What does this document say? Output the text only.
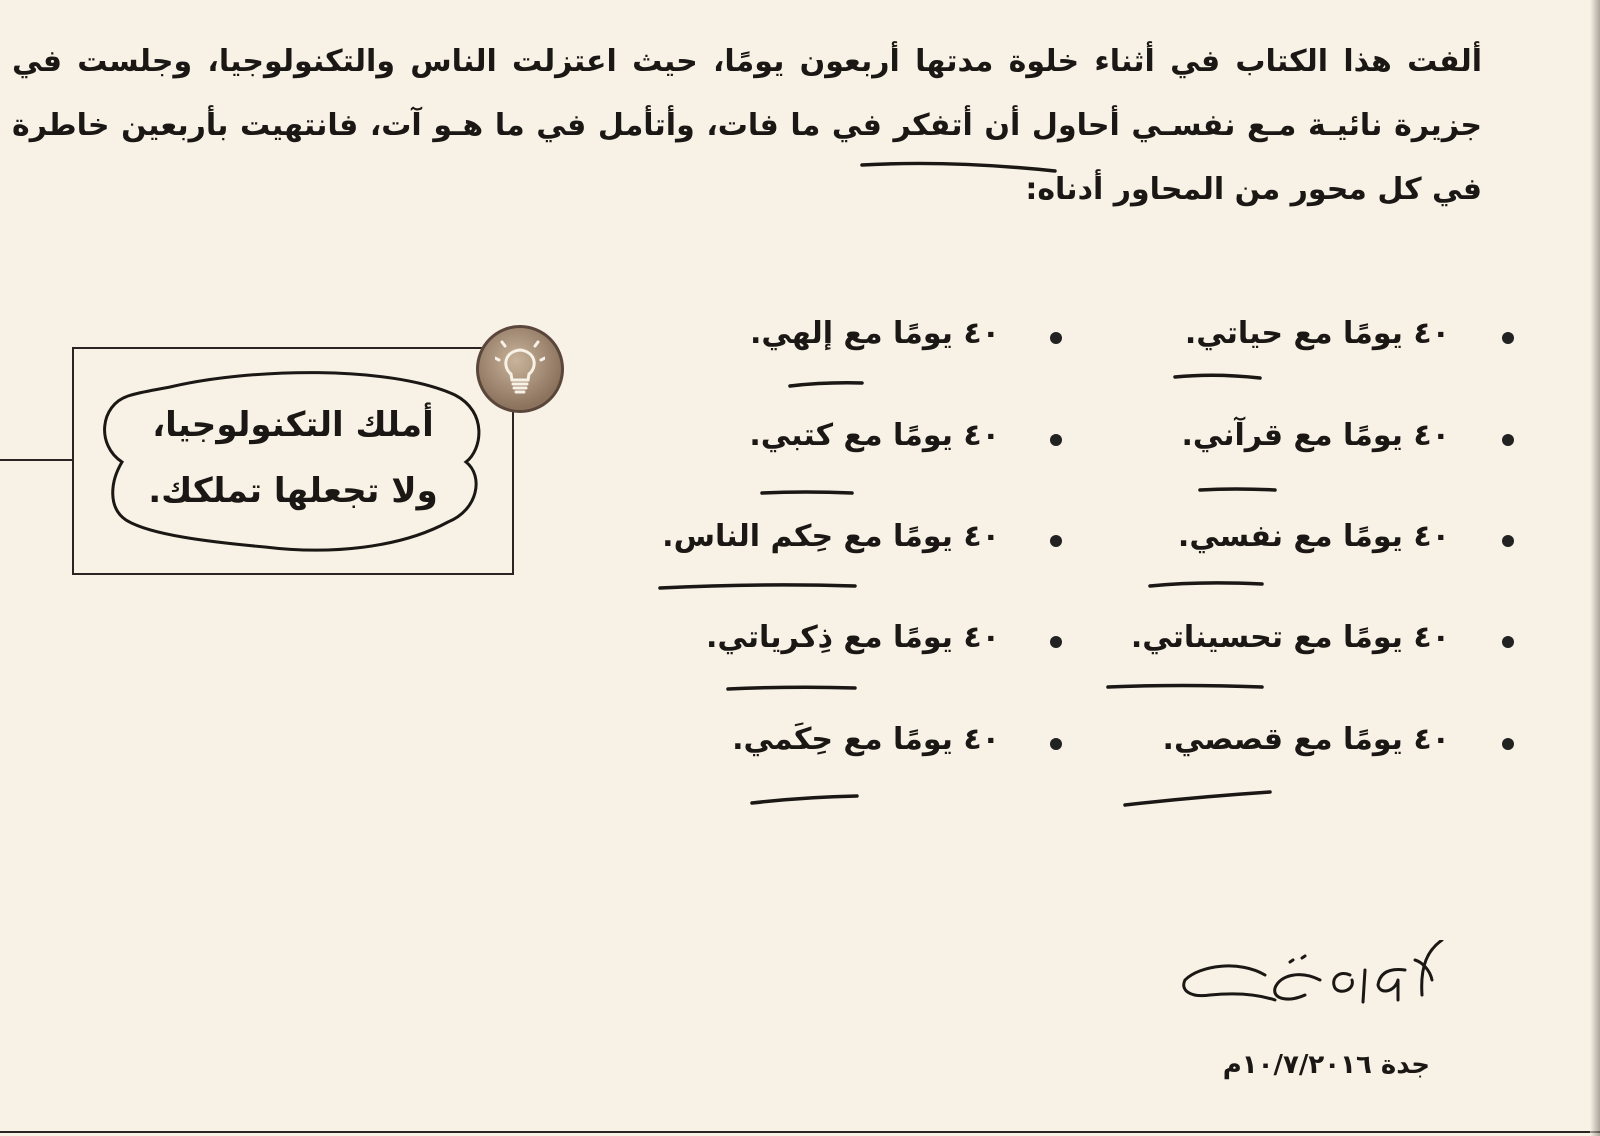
ألفت هذا الكتاب في أثناء خلوة مدتها أربعون يومًا، حيث اعتزلت الناس والتكنولوجيا، وجلست في جزيرة نائيـة مـع نفسـي أحاول أن أتفكر في ما فات، وأتأمل في ما هـو آت، فانتهيت بأربعين خاطرة في كل محور من المحاور أدناه:

٤٠ يومًا مع حياتي.
٤٠ يومًا مع قرآني.
٤٠ يومًا مع نفسي.
٤٠ يومًا مع تحسيناتي.
٤٠ يومًا مع قصصي.
٤٠ يومًا مع إلهي.
٤٠ يومًا مع كتبي.
٤٠ يومًا مع حِكم الناس.
٤٠ يومًا مع ذِكرياتي.
٤٠ يومًا مع حِكَمي.

أملك التكنولوجيا،
ولا تجعلها تملكك.

جدة ١٠/٧/٢٠١٦م
